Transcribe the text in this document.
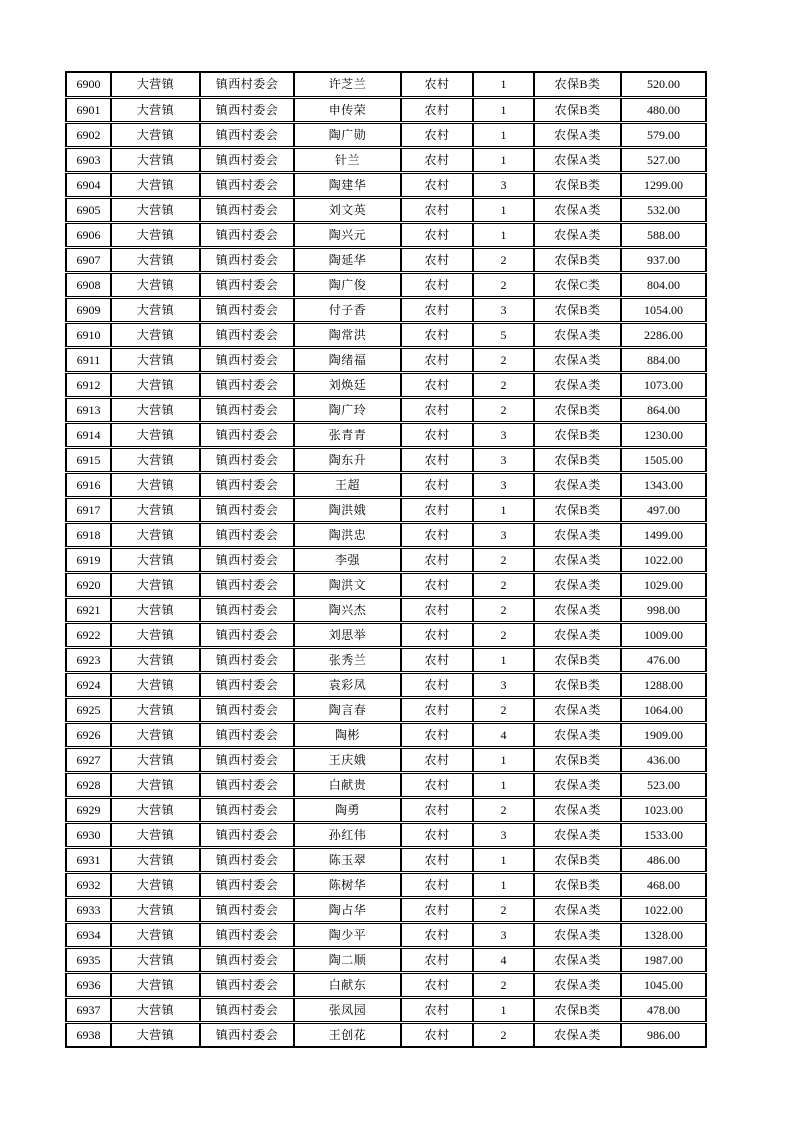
6900	大营镇	镇西村委会	许芝兰	农村	1	农保B类	520.00
6901	大营镇	镇西村委会	申传荣	农村	1	农保B类	480.00
6902	大营镇	镇西村委会	陶广勋	农村	1	农保A类	579.00
6903	大营镇	镇西村委会	针兰	农村	1	农保A类	527.00
6904	大营镇	镇西村委会	陶建华	农村	3	农保B类	1299.00
6905	大营镇	镇西村委会	刘文英	农村	1	农保A类	532.00
6906	大营镇	镇西村委会	陶兴元	农村	1	农保A类	588.00
6907	大营镇	镇西村委会	陶延华	农村	2	农保B类	937.00
6908	大营镇	镇西村委会	陶广俊	农村	2	农保C类	804.00
6909	大营镇	镇西村委会	付子香	农村	3	农保B类	1054.00
6910	大营镇	镇西村委会	陶常洪	农村	5	农保A类	2286.00
6911	大营镇	镇西村委会	陶绪福	农村	2	农保A类	884.00
6912	大营镇	镇西村委会	刘焕廷	农村	2	农保A类	1073.00
6913	大营镇	镇西村委会	陶广玲	农村	2	农保B类	864.00
6914	大营镇	镇西村委会	张青青	农村	3	农保B类	1230.00
6915	大营镇	镇西村委会	陶东升	农村	3	农保B类	1505.00
6916	大营镇	镇西村委会	王超	农村	3	农保A类	1343.00
6917	大营镇	镇西村委会	陶洪娥	农村	1	农保B类	497.00
6918	大营镇	镇西村委会	陶洪忠	农村	3	农保A类	1499.00
6919	大营镇	镇西村委会	李强	农村	2	农保A类	1022.00
6920	大营镇	镇西村委会	陶洪文	农村	2	农保A类	1029.00
6921	大营镇	镇西村委会	陶兴杰	农村	2	农保A类	998.00
6922	大营镇	镇西村委会	刘思举	农村	2	农保A类	1009.00
6923	大营镇	镇西村委会	张秀兰	农村	1	农保B类	476.00
6924	大营镇	镇西村委会	袁彩凤	农村	3	农保B类	1288.00
6925	大营镇	镇西村委会	陶言春	农村	2	农保A类	1064.00
6926	大营镇	镇西村委会	陶彬	农村	4	农保A类	1909.00
6927	大营镇	镇西村委会	王庆娥	农村	1	农保B类	436.00
6928	大营镇	镇西村委会	白献贵	农村	1	农保A类	523.00
6929	大营镇	镇西村委会	陶勇	农村	2	农保A类	1023.00
6930	大营镇	镇西村委会	孙红伟	农村	3	农保A类	1533.00
6931	大营镇	镇西村委会	陈玉翠	农村	1	农保B类	486.00
6932	大营镇	镇西村委会	陈树华	农村	1	农保B类	468.00
6933	大营镇	镇西村委会	陶占华	农村	2	农保A类	1022.00
6934	大营镇	镇西村委会	陶少平	农村	3	农保A类	1328.00
6935	大营镇	镇西村委会	陶二顺	农村	4	农保A类	1987.00
6936	大营镇	镇西村委会	白献东	农村	2	农保A类	1045.00
6937	大营镇	镇西村委会	张凤园	农村	1	农保B类	478.00
6938	大营镇	镇西村委会	王创花	农村	2	农保A类	986.00
